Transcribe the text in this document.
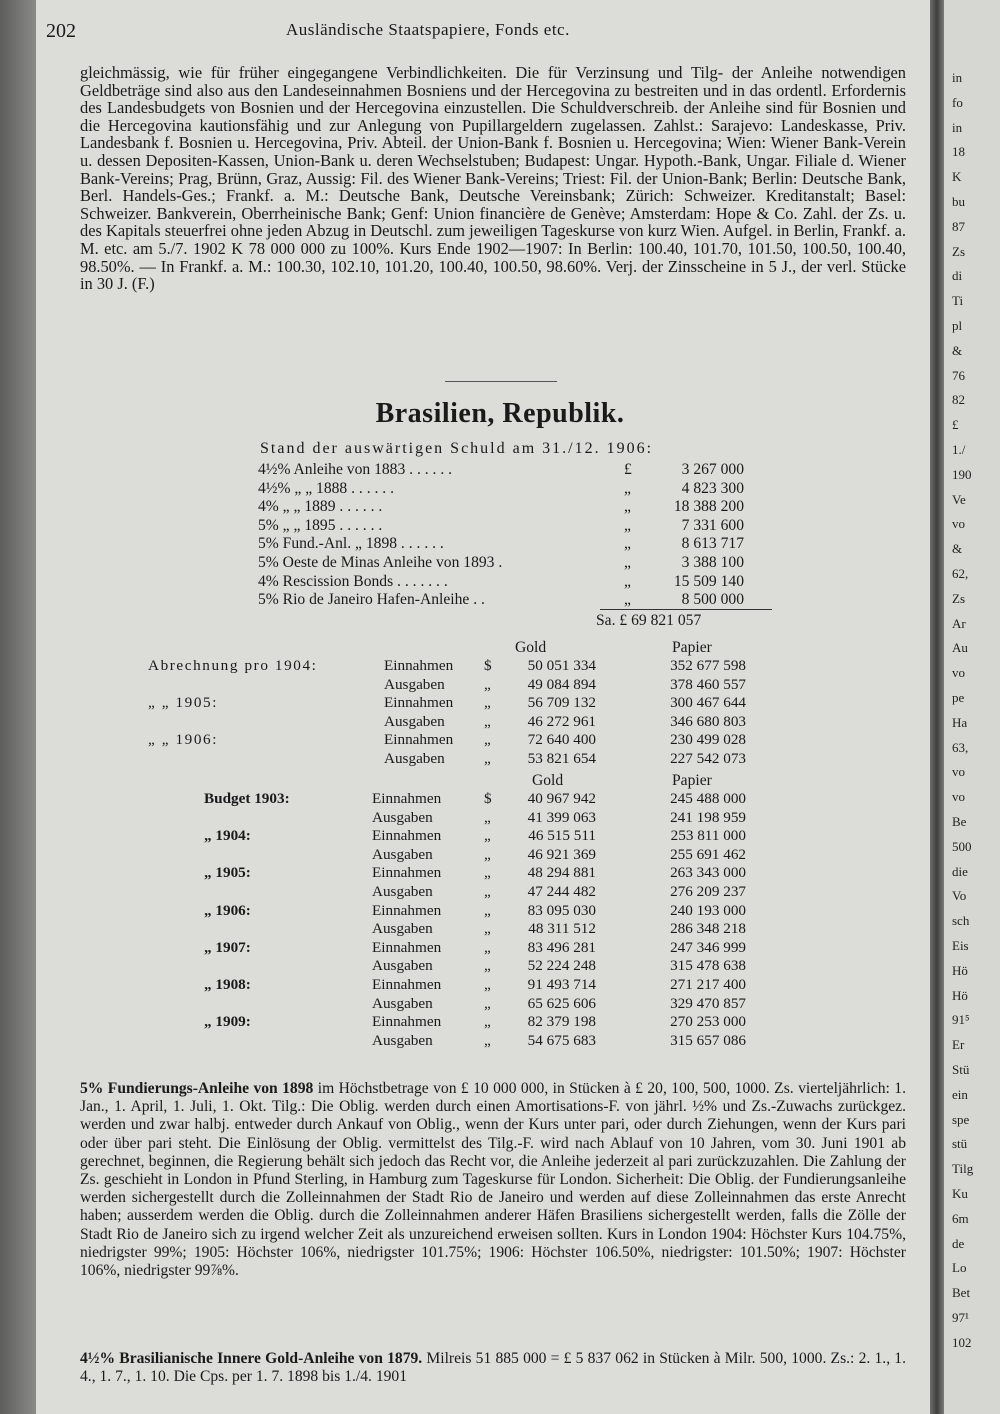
in
fo
in
18
K
bu
87
Zs
di
Ti
pl
&
76
82
£
1./
190
Ve
vo
&
62,
Zs
Ar
Au
vo
pe
Ha
63,
vo
vo
Be
500
die
Vo
sch
Eis
Hö
Hö
91⁵
Er
Stü
ein
spe
stü
Tilg
Ku
6m
de
Lo
Bet
97¹
102
202	Ausländische Staatspapiere, Fonds etc.
gleichmässig, wie für früher eingegangene Verbindlichkeiten. Die für Verzinsung und Tilg- der Anleihe notwendigen Geldbeträge sind also aus den Landeseinnahmen Bosniens und der Hercegovina zu bestreiten und in das ordentl. Erfordernis des Landesbudgets von Bosnien und der Hercegovina einzustellen. Die Schuldverschreib. der Anleihe sind für Bosnien und die Hercegovina kautionsfähig und zur Anlegung von Pupillargeldern zugelassen. Zahlst.: Sarajevo: Landeskasse, Priv. Landesbank f. Bosnien u. Hercegovina, Priv. Abteil. der Union-Bank f. Bosnien u. Hercegovina; Wien: Wiener Bank-Verein u. dessen Depositen-Kassen, Union-Bank u. deren Wechselstuben; Budapest: Ungar. Hypoth.-Bank, Ungar. Filiale d. Wiener Bank-Vereins; Prag, Brünn, Graz, Aussig: Fil. des Wiener Bank-Vereins; Triest: Fil. der Union-Bank; Berlin: Deutsche Bank, Berl. Handels-Ges.; Frankf. a. M.: Deutsche Bank, Deutsche Vereinsbank; Zürich: Schweizer. Kreditanstalt; Basel: Schweizer. Bankverein, Oberrheinische Bank; Genf: Union financière de Genève; Amsterdam: Hope & Co. Zahl. der Zs. u. des Kapitals steuerfrei ohne jeden Abzug in Deutschl. zum jeweiligen Tageskurse von kurz Wien. Aufgel. in Berlin, Frankf. a. M. etc. am 5./7. 1902 K 78 000 000 zu 100%. Kurs Ende 1902—1907: In Berlin: 100.40, 101.70, 101.50, 100.50, 100.40, 98.50%. — In Frankf. a. M.: 100.30, 102.10, 101.20, 100.40, 100.50, 98.60%. Verj. der Zinsscheine in 5 J., der verl. Stücke in 30 J. (F.)
Brasilien, Republik.
Stand der auswärtigen Schuld am 31./12. 1906:
4½% Anleihe von 1883 . . . . . .	£	3 267 000
4½% „ „ 1888 . . . . . .	„	4 823 300
4% „ „ 1889 . . . . . .	„	18 388 200
5% „ „ 1895 . . . . . .	„	7 331 600
5% Fund.-Anl. „ 1898 . . . . . .	„	8 613 717
5% Oeste de Minas Anleihe von 1893 .	„	3 388 100
4% Rescission Bonds . . . . . . .	„	15 509 140
5% Rio de Janeiro Hafen-Anleihe . .	„	8 500 000
Sa. £ 69 821 057
Gold	Papier
Abrechnung pro 1904:	Einnahmen $	50 051 334	352 677 598
Ausgaben	„	49 084 894	378 460 557
„ „ 1905:	Einnahmen „	56 709 132	300 467 644
Ausgaben	„	46 272 961	346 680 803
„ „ 1906:	Einnahmen „	72 640 400	230 499 028
Ausgaben	„	53 821 654	227 542 073
Gold	Papier
Budget 1903:	Einnahmen	$	40 967 942	245 488 000
Ausgaben	„	41 399 063	241 198 959
„ 1904:	Einnahmen	„	46 515 511	253 811 000
Ausgaben	„	46 921 369	255 691 462
„ 1905:	Einnahmen	„	48 294 881	263 343 000
Ausgaben	„	47 244 482	276 209 237
„ 1906:	Einnahmen	„	83 095 030	240 193 000
Ausgaben	„	48 311 512	286 348 218
„ 1907:	Einnahmen	„	83 496 281	247 346 999
Ausgaben	„	52 224 248	315 478 638
„ 1908:	Einnahmen	„	91 493 714	271 217 400
Ausgaben	„	65 625 606	329 470 857
„ 1909:	Einnahmen	„	82 379 198	270 253 000
Ausgaben	„	54 675 683	315 657 086
5% Fundierungs-Anleihe von 1898 im Höchstbetrage von £ 10 000 000, in Stücken à £ 20, 100, 500, 1000. Zs. vierteljährlich: 1. Jan., 1. April, 1. Juli, 1. Okt. Tilg.: Die Oblig. werden durch einen Amortisations-F. von jährl. ½% und Zs.-Zuwachs zurückgez. werden und zwar halbj. entweder durch Ankauf von Oblig., wenn der Kurs unter pari, oder durch Ziehungen, wenn der Kurs pari oder über pari steht. Die Einlösung der Oblig. vermittelst des Tilg.-F. wird nach Ablauf von 10 Jahren, vom 30. Juni 1901 ab gerechnet, beginnen, die Regierung behält sich jedoch das Recht vor, die Anleihe jederzeit al pari zurückzuzahlen. Die Zahlung der Zs. geschieht in London in Pfund Sterling, in Hamburg zum Tageskurse für London. Sicherheit: Die Oblig. der Fundierungsanleihe werden sichergestellt durch die Zolleinnahmen der Stadt Rio de Janeiro und werden auf diese Zolleinnahmen das erste Anrecht haben; ausserdem werden die Oblig. durch die Zolleinnahmen anderer Häfen Brasiliens sichergestellt werden, falls die Zölle der Stadt Rio de Janeiro sich zu irgend welcher Zeit als unzureichend erweisen sollten. Kurs in London 1904: Höchster Kurs 104.75%, niedrigster 99%; 1905: Höchster 106%, niedrigster 101.75%; 1906: Höchster 106.50%, niedrigster: 101.50%; 1907: Höchster 106%, niedrigster 99⅞%.
4½% Brasilianische Innere Gold-Anleihe von 1879. Milreis 51 885 000 = £ 5 837 062 in Stücken à Milr. 500, 1000. Zs.: 2. 1., 1. 4., 1. 7., 1. 10. Die Cps. per 1. 7. 1898 bis 1./4. 1901
